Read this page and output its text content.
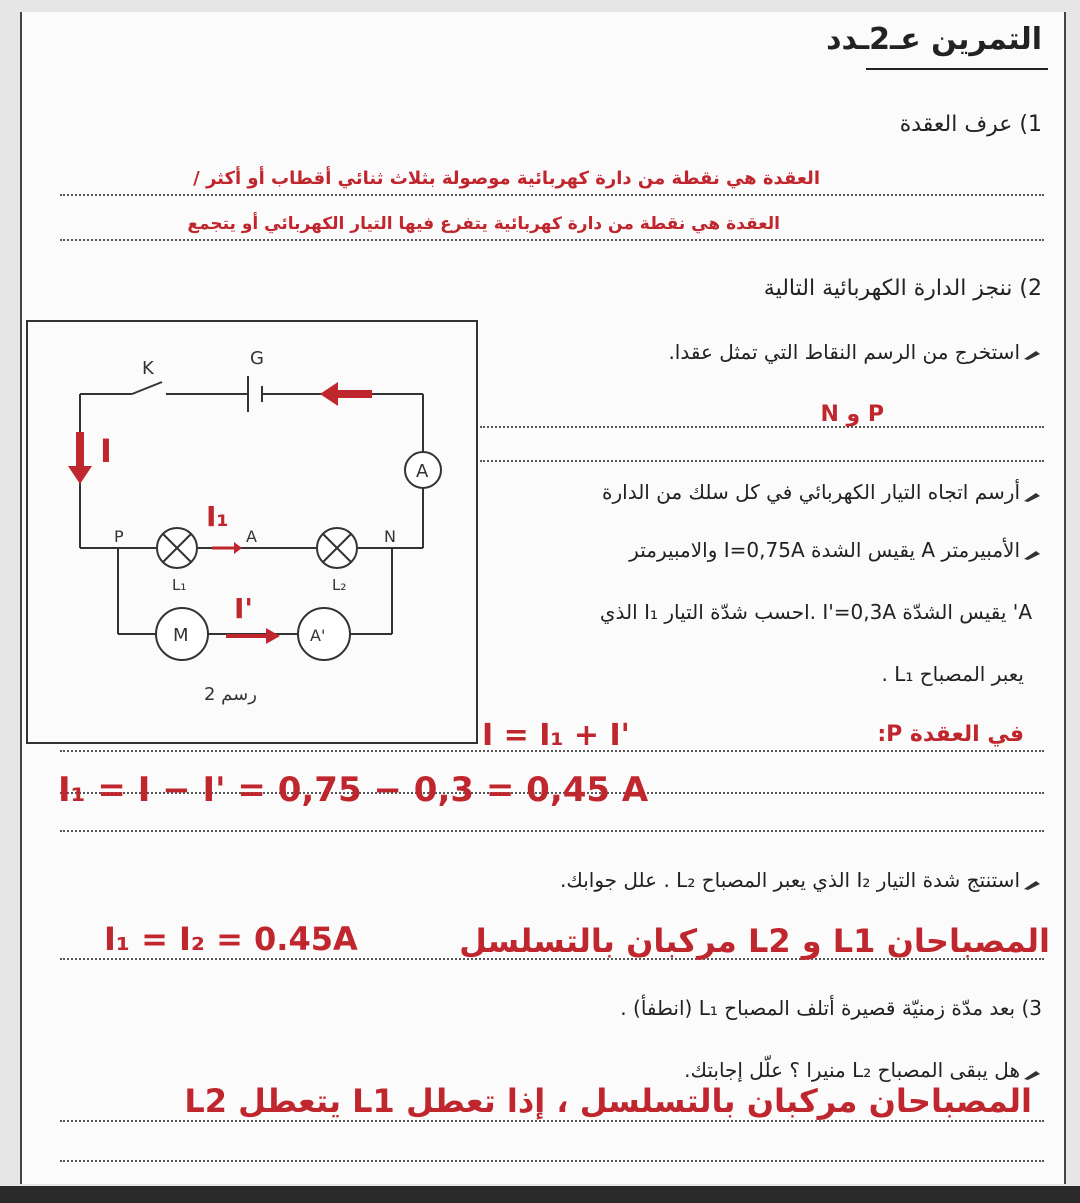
التمرين عـ2ـدد
1) عرف العقدة
العقدة هي نقطة من دارة كهربائية موصولة بثلاث ثنائي أقطاب أو أكثر /
العقدة هي نقطة من دارة كهربائية يتفرع فيها التيار الكهربائي أو يتجمع
2) ننجز الدارة الكهربائية التالية
K	G
A
P	N
A
L₁	L₂
M	A'
رسم 2
I
I₁
I'
استخرج من الرسم النقاط التي تمثل عقدا.
P و N
أرسم اتجاه التيار الكهربائي في كل سلك من الدارة
الأمبيرمتر A يقيس الشدة I=0,75A والامبيرمتر
A' يقيس الشدّة I'=0,3A .احسب شدّة التيار I₁ الذي
يعبر المصباح L₁ .
في العقدة P:
I = I₁ + I'
I₁ = I − I' = 0,75 − 0,3 = 0,45 A
استنتج شدة التيار I₂ الذي يعبر المصباح L₂ . علل جوابك.
المصباحان L1 و L2 مركبان بالتسلسل
I₁ = I₂ = 0.45A
3) بعد مدّة زمنيّة قصيرة أتلف المصباح L₁ (انطفأ) .
هل يبقى المصباح L₂ منيرا ؟ علّل إجابتك.
المصباحان مركبان بالتسلسل ، إذا تعطل L1 يتعطل L2
